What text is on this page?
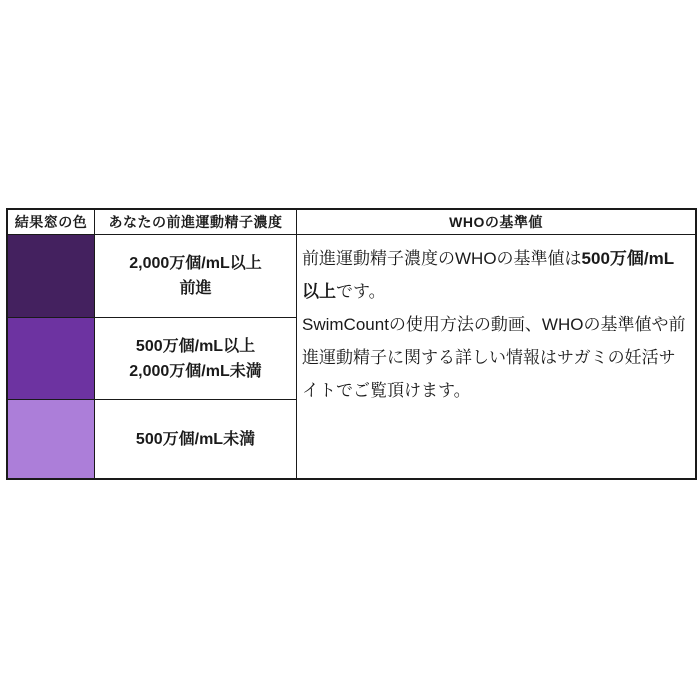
結果窓の色 あなたの前進運動精子濃度	WHOの基準値
2,000万個/mL以上
前進

前進運動精子濃度のWHOの基準値は500万個/mL以上です。

SwimCountの使用方法の動画、WHOの基準値や前進運動精子に関する詳しい情報はサガミの妊活サイトでご覧頂けます。

500万個/mL以上
2,000万個/mL未満
500万個/mL未満
